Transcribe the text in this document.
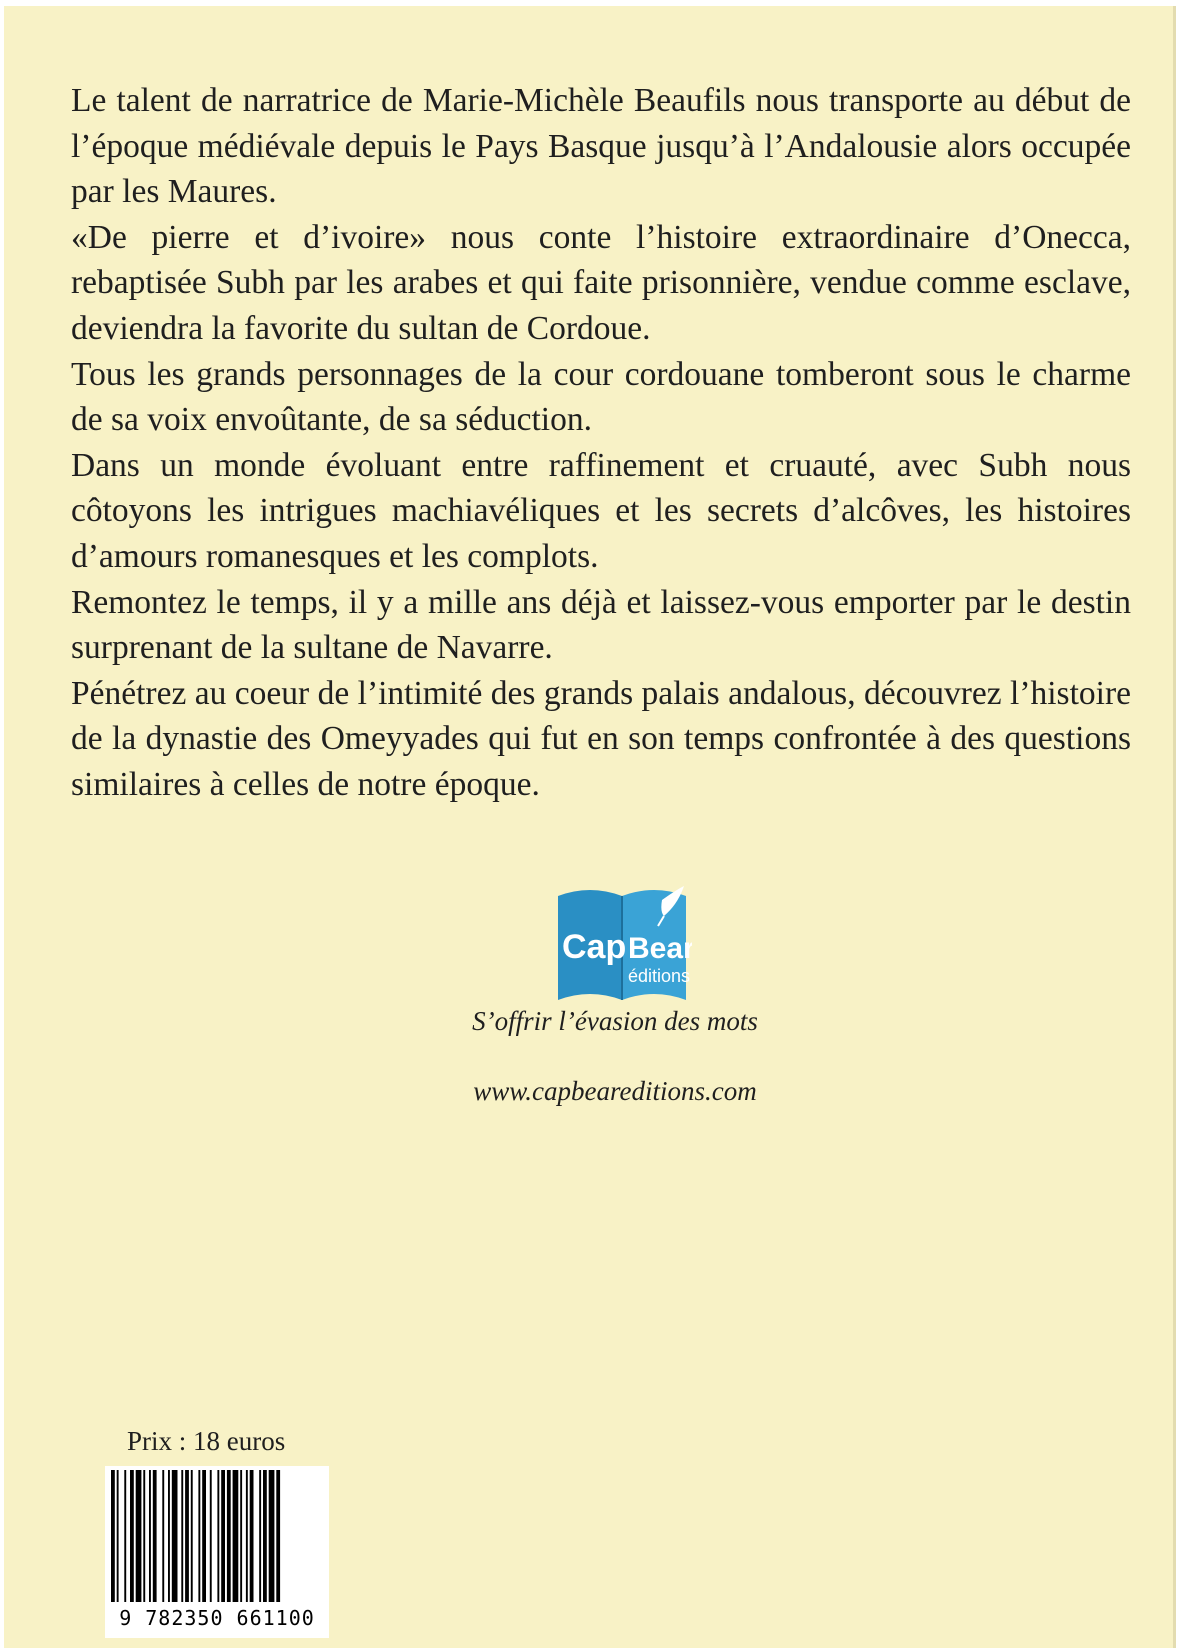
Le talent de narratrice de Marie-Michèle Beaufils nous transporte au début de l’époque médiévale depuis le Pays Basque jusqu’à l’Andalousie alors occupée par les Maures.

«De pierre et d’ivoire» nous conte l’histoire extraordinaire d’Onecca, rebaptisée Subh par les arabes et qui faite prisonnière, vendue comme esclave, deviendra la favorite du sultan de Cordoue.

Tous les grands personnages de la cour cordouane tomberont sous le charme de sa voix envoûtante, de sa séduction.

Dans un monde évoluant entre raffinement et cruauté, avec Subh nous côtoyons les intrigues machiavéliques et les secrets d’alcôves, les histoires d’amours romanesques et les complots.

Remontez le temps, il y a mille ans déjà et laissez-vous emporter par le destin surprenant de la sultane de Navarre.

Pénétrez au coeur de l’intimité des grands palais andalous, découvrez l’histoire de la dynastie des Omeyyades qui fut en son temps confrontée à des questions similaires à celles de notre époque.

Cap Bear
éditions
S’offrir l’évasion des mots
www.capbeareditions.com
Prix : 18 euros
9 782350 661100
